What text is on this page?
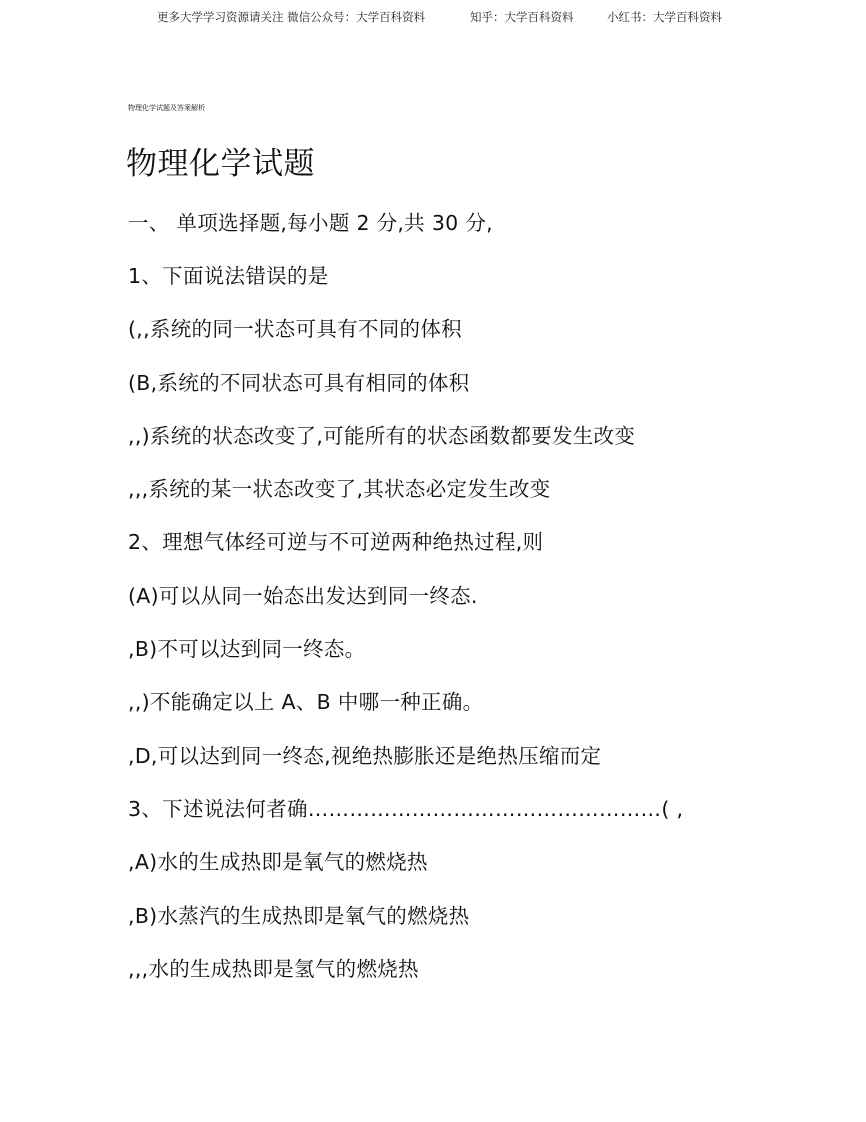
更多大学学习资源请关注 微信公众号：大学百科资料	知乎：大学百科资料	小红书：大学百科资料
物理化学试题及答案解析
物理化学试题
一、 单项选择题,每小题 2 分,共 30 分,
1、下面说法错误的是
(,,系统的同一状态可具有不同的体积
(B,系统的不同状态可具有相同的体积
,,)系统的状态改变了,可能所有的状态函数都要发生改变
,,,系统的某一状态改变了,其状态必定发生改变
2、理想气体经可逆与不可逆两种绝热过程,则
(A)可以从同一始态出发达到同一终态.
,B)不可以达到同一终态。
,,)不能确定以上 A、B 中哪一种正确。
,D,可以达到同一终态,视绝热膨胀还是绝热压缩而定
3、下述说法何者确……………………………………………( ,
,A)水的生成热即是氧气的燃烧热
,B)水蒸汽的生成热即是氧气的燃烧热
,,,水的生成热即是氢气的燃烧热
